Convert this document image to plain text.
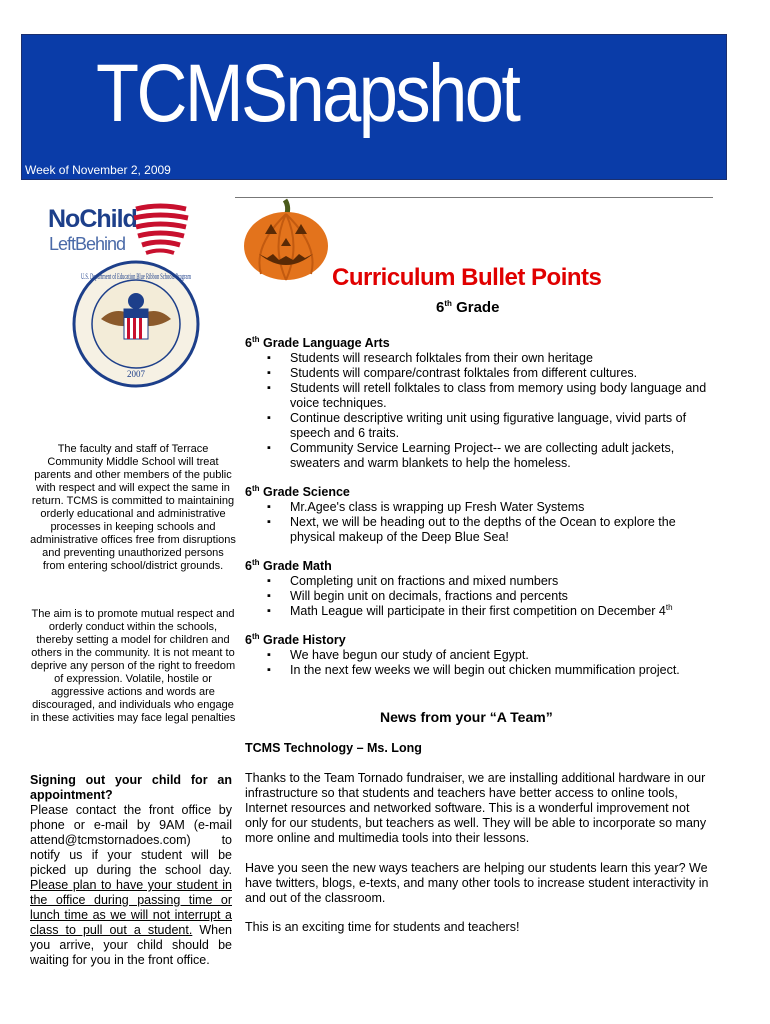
TCMSnapshot
Week of November 2, 2009
NoChild
LeftBehind
U.S. Department of Education Blue Ribbon Schools Program
2007
The faculty and staff of Terrace Community Middle School will treat parents and other members of the public with respect and will expect the same in return. TCMS is committed to maintaining orderly educational and administrative processes in keeping schools and administrative offices free from disruptions and preventing unauthorized persons from entering school/district grounds.
The aim is to promote mutual respect and orderly conduct within the schools, thereby setting a model for children and others in the community. It is not meant to deprive any person of the right to freedom of expression. Volatile, hostile or aggressive actions and words are discouraged, and individuals who engage in these activities may face legal penalties
Signing out your child for an appointment?
Please contact the front office by phone or e-mail by 9AM (e-mail attend@tcmstornadoes.com) to notify us if your student will be picked up during the school day. Please plan to have your student in the office during passing time or lunch time as we will not interrupt a class to pull out a student. When you arrive, your child should be waiting for you in the front office.
Curriculum Bullet Points
6th Grade
6th Grade Language Arts
▪ Students will research folktales from their own heritage
▪ Students will compare/contrast folktales from different cultures.
▪ Students will retell folktales to class from memory using body language and voice techniques.
▪ Continue descriptive writing unit using figurative language, vivid parts of speech and 6 traits.
▪ Community Service Learning Project-- we are collecting adult jackets, sweaters and warm blankets to help the homeless.
6th Grade Science
▪ Mr.Agee's class is wrapping up Fresh Water Systems
▪ Next, we will be heading out to the depths of the Ocean to explore the physical makeup of the Deep Blue Sea!
6th Grade Math
▪ Completing unit on fractions and mixed numbers
▪ Will begin unit on decimals, fractions and percents
▪ Math League will participate in their first competition on December 4th
6th Grade History
▪ We have begun our study of ancient Egypt.
▪ In the next few weeks we will begin out chicken mummification project.
News from your “A Team”
TCMS Technology – Ms. Long
Thanks to the Team Tornado fundraiser, we are installing additional hardware in our infrastructure so that students and teachers have better access to online tools, Internet resources and networked software. This is a wonderful improvement not only for our students, but teachers as well. They will be able to incorporate so many more online and multimedia tools into their lessons.
Have you seen the new ways teachers are helping our students learn this year? We have twitters, blogs, e-texts, and many other tools to increase student interactivity in and out of the classroom.
This is an exciting time for students and teachers!
